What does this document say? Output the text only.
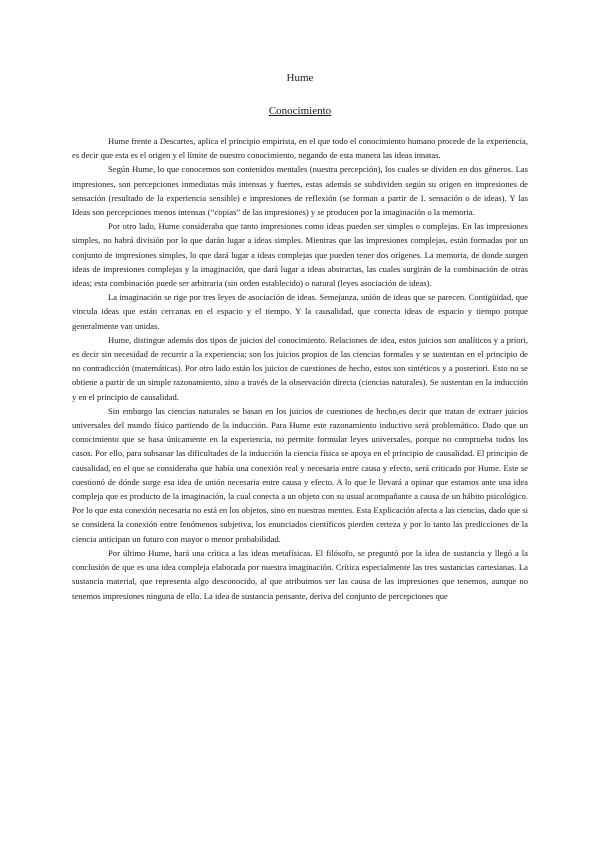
Hume
Conocimiento

Hume frente a Descartes, aplica el principio empirista, en el que todo el conocimiento humano procede de la experiencia, es decir que esta es el origen y el límite de nuestro conocimiento, negando de esta manera las ideas innatas.

Según Hume, lo que conocemos son contenidos mentales (nuestra percepción), los cuales se dividen en dos géneros. Las impresiones, son percepciones inmediatas más intensas y fuertes, estas además se subdividen según su origen en impresiones de sensación (resultado de la experiencia sensible) e impresiones de reflexión (se forman a partir de I. sensación o de ideas). Y las Ideas son percepciones menos intensas (“copias” de las impresiones) y se producen por la imaginación o la memoria.

Por otro lado, Hume consideraba que tanto impresiones como ideas pueden ser simples o complejas. En las impresiones simples, no habrá división por lo que darán lugar a ideas simples. Mientras que las impresiones complejas, están formadas por un conjunto de impresiones simples, lo que dará lugar a ideas complejas que pueden tener dos orígenes. La memoria, de donde surgen ideas de impresiones complejas y la imaginación, que dará lugar a ideas abstractas, las cuales surgirán de la combinación de otras ideas; esta combinación puede ser arbitraria (sin orden establecido) o natural (leyes asociación de ideas).

La imaginación se rige por tres leyes de asociación de ideas. Semejanza, unión de ideas que se parecen. Contigüidad, que vincula ideas que están cercanas en el espacio y el tiempo. Y la causalidad, que conecta ideas de espacio y tiempo porque generalmente van unidas.

Hume, distingue además dos tipos de juicios del conocimiento. Relaciones de idea, estos juicios son analíticos y a priori, es decir sin necesidad de recurrir a la experiencia; son los juicios propios de las ciencias formales y se sustentan en el principio de no contradicción (matemáticas). Por otro lado están los juicios de cuestiones de hecho, estos son sintéticos y a posteriori. Esto no se obtiene a partir de un simple razonamiento, sino a través de la observación directa (ciencias naturales). Se sustentan en la inducción y en el principio de causalidad.

Sin embargo las ciencias naturales se basan en los juicios de cuestiones de hecho,es decir que tratan de extraer juicios universales del mundo físico partiendo de la inducción. Para Hume este razonamiento inductivo será problemático. Dado que un conocimiento que se basa únicamente en la experiencia, no permite formular leyes universales, porque no comprueba todos los casos. Por ello, para subsanar las dificultades de la inducción la ciencia física se apoya en el principio de causalidad. El principio de causalidad, en el que se consideraba que había una conexión real y necesaria entre causa y efecto, será criticado por Hume. Este se cuestionó de dónde surge esa idea de unión necesaria entre causa y efecto. A lo que le llevará a opinar que estamos ante una idea compleja que es producto de la imaginación, la cual conecta a un objeto con su usual acompañante a causa de un hábito psicológico. Por lo que esta conexión necesaria no está en los objetos, sino en nuestras mentes. Esta Explicación afecta a las ciencias, dado que si se considera la conexión entre fenómenos subjetiva, los enunciados científicos pierden certeza y por lo tanto las predicciones de la ciencia anticipan un futuro con mayor o menor probabilidad.

Por último Hume, hará una crítica a las ideas metafísicas. El filósofo, se preguntó por la idea de sustancia y llegó a la conclusión de que es una idea compleja elaborada por nuestra imaginación. Crítica especialmente las tres sustancias cartesianas. La sustancia material, que representa algo desconocido, al que atribuimos ser las causa de las impresiones que tenemos, aunque no tenemos impresiones ninguna de ello. La idea de sustancia pensante, deriva del conjunto de percepciones que
